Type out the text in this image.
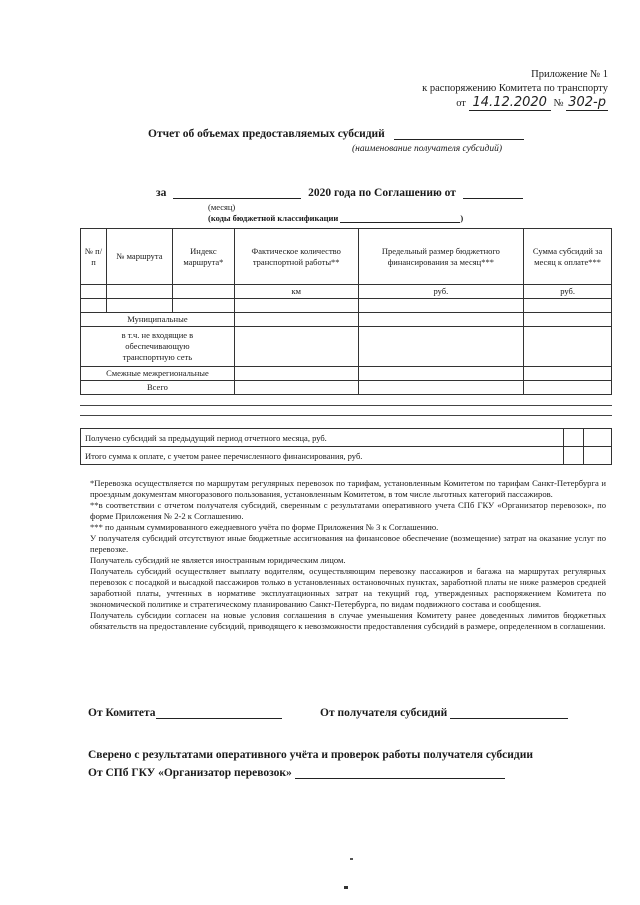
Приложение № 1
к распоряжению Комитета по транспорту
от 14.12.2020 № 302-р
Отчет об объемах предоставляемых субсидий
(наименование получателя субсидий)
за	2020 года по Соглашению от
(месяц)
(коды бюджетной классификации	)
№ п/п	№ маршрута	Индекс маршрута*	Фактическое количество транспортной работы**	Предельный размер бюджетного финансирования за месяц***	Сумма субсидий за месяц к оплате***
			км	руб.	руб.

Муниципальные					
в т.ч. не входящие в обеспечивающую транспортную сеть					
Смежные межрегиональные					
Всего					
Получено субсидий за предыдущий период отчетного месяца, руб.		
Итого сумма к оплате, с учетом ранее перечисленного финансирования, руб.		

*Перевозка осуществляется по маршрутам регулярных перевозок по тарифам, установленным Комитетом по тарифам Санкт-Петербурга и проездным документам многоразового пользования, установленным Комитетом, в том числе льготных категорий пассажиров.

**в соответствии с отчетом получателя субсидий, сверенным с результатами оперативного учета СПб ГКУ «Организатор перевозок», по форме Приложения № 2-2 к Соглашению.

*** по данным суммированного ежедневного учёта по форме Приложения № 3 к Соглашению.

У получателя субсидий отсутствуют иные бюджетные ассигнования на финансовое обеспечение (возмещение) затрат на оказание услуг по перевозке.

Получатель субсидий не является иностранным юридическим лицом.

Получатель субсидий осуществляет выплату водителям, осуществляющим перевозку пассажиров и багажа на маршрутах регулярных перевозок с посадкой и высадкой пассажиров только в установленных остановочных пунктах, заработной платы не ниже размеров средней заработной платы, учтенных в нормативе эксплуатационных затрат на текущий год, утвержденных распоряжением Комитета по экономической политике и стратегическому планированию Санкт-Петербурга, по видам подвижного состава и сообщения.

Получатель субсидии согласен на новые условия соглашения в случае уменьшения Комитету ранее доведенных лимитов бюджетных обязательств на предоставление субсидий, приводящего к невозможности предоставления субсидий в размере, определенном в соглашении.

От Комитета	От получателя субсидий
Сверено с результатами оперативного учёта и проверок работы получателя субсидии
От СПб ГКУ «Организатор перевозок»
